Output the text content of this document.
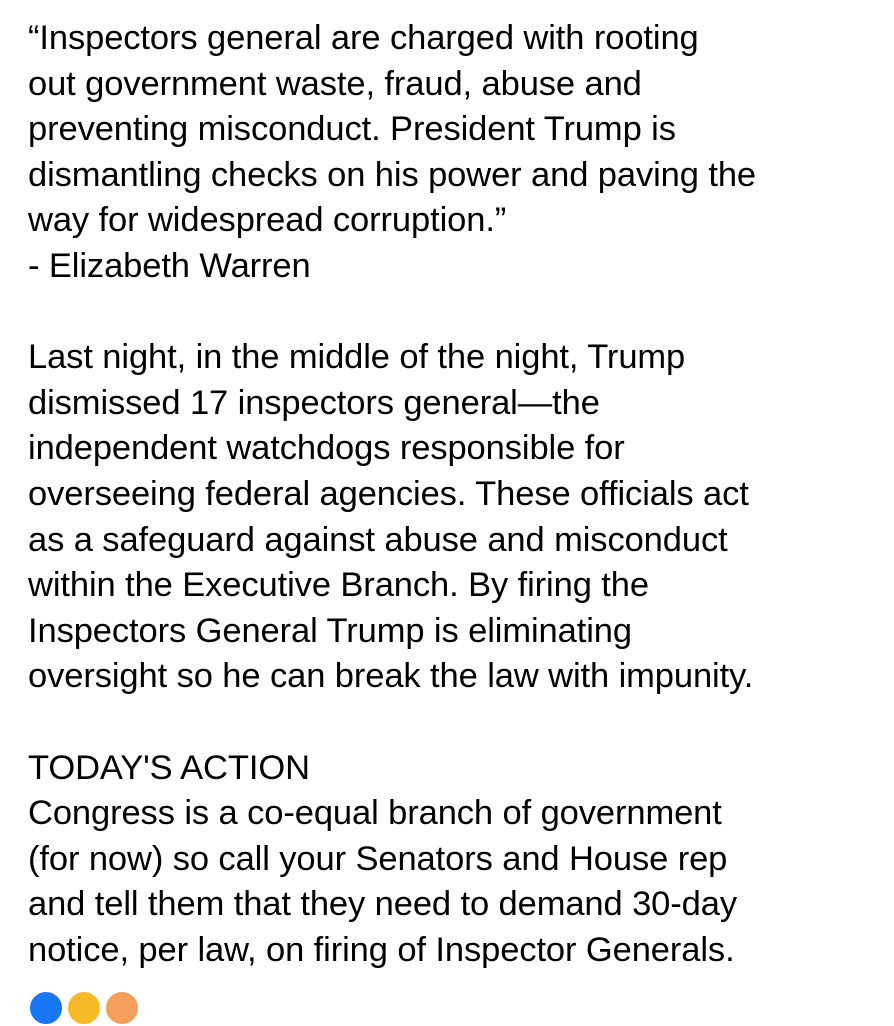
“Inspectors general are charged with rooting
out government waste, fraud, abuse and
preventing misconduct. President Trump is
dismantling checks on his power and paving the
way for widespread corruption.”
- Elizabeth Warren
Last night, in the middle of the night, Trump
dismissed 17 inspectors general—the
independent watchdogs responsible for
overseeing federal agencies. These officials act
as a safeguard against abuse and misconduct
within the Executive Branch. By firing the
Inspectors General Trump is eliminating
oversight so he can break the law with impunity.
TODAY'S ACTION
Congress is a co-equal branch of government
(for now) so call your Senators and House rep
and tell them that they need to demand 30-day
notice, per law, on firing of Inspector Generals.
